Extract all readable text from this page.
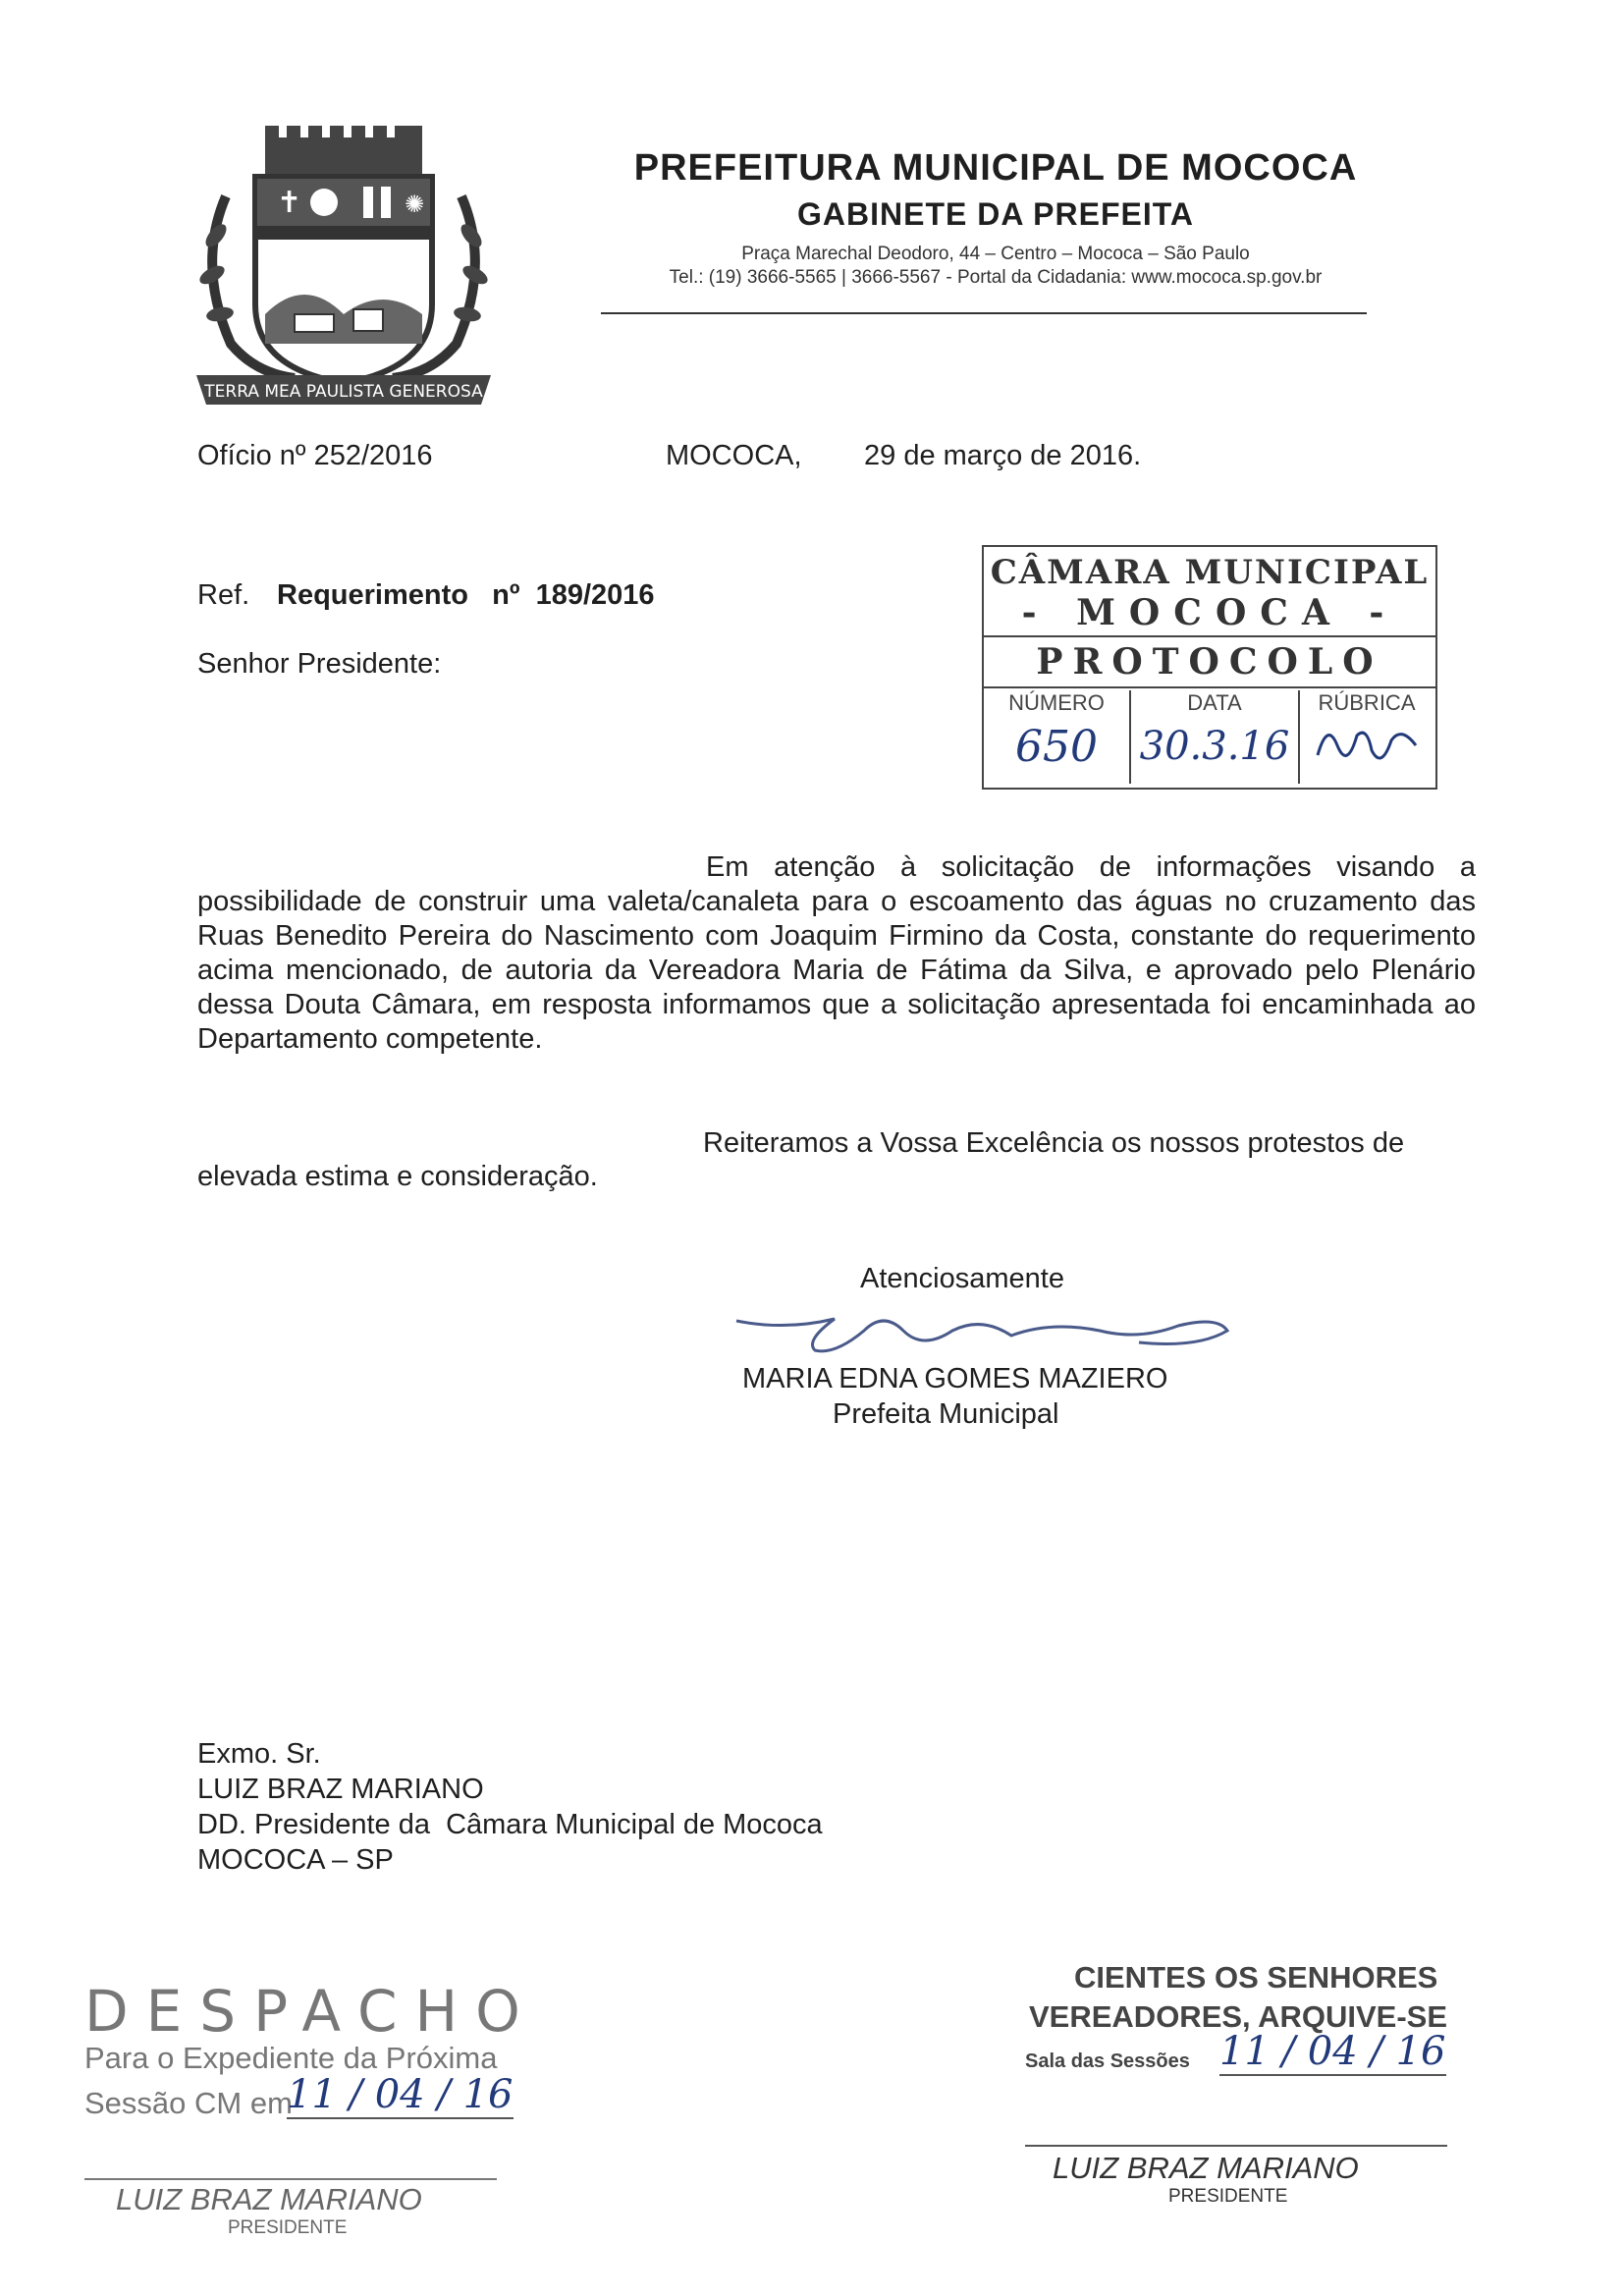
✝	✺
TERRA MEA PAULISTA GENEROSA
PREFEITURA MUNICIPAL DE MOCOCA
GABINETE DA PREFEITA
Praça Marechal Deodoro, 44 – Centro – Mococa – São Paulo
Tel.: (19) 3666-5565 | 3666-5567 - Portal da Cidadania: www.mococa.sp.gov.br
Ofício nº 252/2016	MOCOCA, 29 de março de 2016.
Ref. Requerimento   nº  189/2016
Senhor Presidente:
CÂMARA MUNICIPAL
- MOCOCA -
PROTOCOLO
NÚMERO
650
DATA
30.3.16
RÚBRICA
Em atenção à solicitação de informações visando a possibilidade de construir uma valeta/canaleta para o escoamento das águas no cruzamento das Ruas Benedito Pereira do Nascimento com Joaquim Firmino da Costa, constante do requerimento acima mencionado, de autoria da Vereadora Maria de Fátima da Silva, e aprovado pelo Plenário dessa Douta Câmara, em resposta informamos que a solicitação apresentada foi encaminhada ao Departamento competente.
Reiteramos a Vossa Excelência os nossos protestos de
elevada estima e consideração.
Atenciosamente
MARIA EDNA GOMES MAZIERO
Prefeita Municipal
Exmo. Sr.
LUIZ BRAZ MARIANO
DD. Presidente da  Câmara Municipal de Mococa
MOCOCA – SP
DESPACHO
Para o Expediente da Próxima
Sessão CM em
11 / 04 / 16
LUIZ BRAZ MARIANO
PRESIDENTE
CIENTES OS SENHORES
VEREADORES, ARQUIVE-SE
Sala das Sessões 11 / 04 / 16
LUIZ BRAZ MARIANO
PRESIDENTE
